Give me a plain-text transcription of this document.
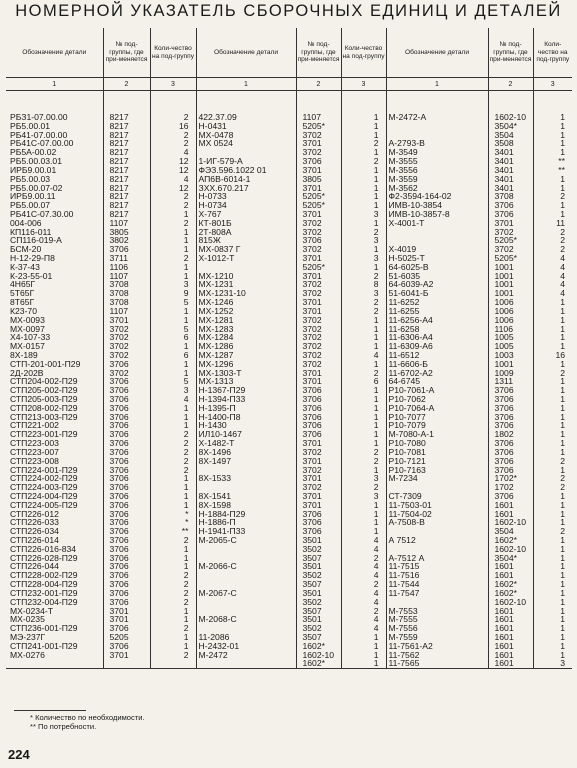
НОМЕРНОЙ УКАЗАТЕЛЬ СБОРОЧНЫХ ЕДИНИЦ И ДЕТАЛЕЙ
Обозначение детали	№ под-группы, где при-меняется	Коли-чество на под-группу	Обозначение детали	№ под-группы, где при-меняется	Коли-чество на под-группу	Обозначение детали	№ под-группы, где при-меняется	Коли-чество на под-группу
1	2	3	1	2	3	1	2	3

РБЗ1-07.00.00	8217	2	422.37.09	1107	1	М-2472-А	1602-10	1
РБ5.00.01	8217	16	Н-0431	5205*	1		3504*	1
РБ41-07.00.00	8217	2	МХ-0478	3702	1		3504	1
РБ41С-07.00.00	8217	2	МХ 0524	3701	2	А-2793-В	3508	1
РБ5А-00.02	8217	4		3702	1	М-3549	3401	1
РБ5.00.03.01	8217	12	1-ИГ-579-А	3706	2	М-3555	3401	**
ИРБ9.00.01	8217	12	ФЭЗ.596.1022 01	3701	1	М-3556	3401	**
РБ5.00.03	8217	4	АП6В-6014-1	3805	1	М-3559	3401	1
РБ5.00.07-02	8217	12	ЗХХ.670.217	3701	1	М-3562	3401	1
ИРБ9.00.11	8217	2	Н-0733	5205*	1	Ф2-3594-164-02	3708	2
РБ5.00.07	8217	2	Н-0734	5205*	1	ИМВ-10-3854	3706	1
РБ41С-07.30.00	8217	1	Х-767	3701	3	ИМВ-10-3857-8	3706	1
004-006	1107	2	КТ-801Б	3702	1	Х-4001-Т	3701	11
КП116-011	3805	1	2Т-808А	3702	2		3702	2
СП116-019-А	3802	1	815Ж	3706	3		5205*	2
БСМ-20	3706	1	МХ-0837 Г	3702	1	Х-4019	3702	2
Н-12-29-П8	3711	2	Х-1012-Т	3701	3	Н-5025-Т	5205*	4
К-37-43	1106	1		5205*	1	64-6025-В	1001	4
К-23-55-01	1107	1	МХ-1210	3701	2	51-6035	1001	4
4Н65Г	3708	3	МХ-1231	3702	8	64-6039-А2	1001	4
5Т65Г	3708	9	МХ-1231-10	3702	3	51-6041-Б	1001	4
8Т65Г	3708	5	МХ-1246	3701	2	11-6252	1006	1
К23-70	1107	1	МХ-1252	3701	2	11-6255	1006	1
МХ-0093	3701	1	МХ-1281	3702	1	11-6256-А4	1006	1
МХ-0097	3702	5	МХ-1283	3702	1	11-6258	1106	1
Х4-107-33	3702	6	МХ-1284	3702	1	11-6306-А4	1005	1
МХ-0157	3702	1	МХ-1286	3702	1	11-6309-А6	1005	1
8Х-189	3702	6	МХ-1287	3702	4	11-6512	1003	16
СТП-201-001-П29	3706	1	МХ-1296	3702	1	11-6606-Б	1001	1
2Д-202В	3702	1	МХ-1303-Т	3701	2	11-6702-А2	1009	2
СТП204-002-П29	3706	5	МХ-1313	3701	6	64-6745	1311	1
СТП205-002-П29	3706	3	Н-1367-П29	3706	1	Р10-7061-А	3706	1
СТП205-003-П29	3706	4	Н-1394-П33	3706	1	Р10-7062	3706	1
СТП208-002-П29	3706	1	Н-1395-П	3706	1	Р10-7064-А	3706	1
СТП213-003-П29	3706	1	Н-1400-П8	3706	1	Р10-7077	3706	1
СТП221-002	3706	1	Н-1430	3706	1	Р10-7079	3706	1
СТП223-001-П29	3706	2	ИЛ10-1467	3706	1	М-7080-А-1	1802	1
СТП223-003	3706	2	Х-1482-Т	3701	1	Р10-7080	3706	1
СТП223-007	3706	2	8Х-1496	3702	2	Р10-7081	3706	1
СТП223-008	3706	2	8Х-1497	3701	2	Р10-7121	3706	2
СТП224-001-П29	3706	2		3702	1	Р10-7163	3706	1
СТП224-002-П29	3706	1	8Х-1533	3701	3	М-7234	1702*	2
СТП224-003-П29	3706	1		3702	2		1702	2
СТП224-004-П29	3706	1	8Х-1541	3701	3	СТ-7309	3706	1
СТП224-005-П29	3706	1	8Х-1598	3701	1	11-7503-01	1601	1
СТП226-012	3706	*	Н-1884-П29	3706	1	11-7504-02	1601	1
СТП226-033	3706	*	Н-1886-П	3706	1	А-7508-В	1602-10	1
СТП226-034	3706	**	Н-1941-П33	3706	1		3504	2
СТП226-014	3706	2	М-2065-С	3501	4	А 7512	1602*	1
СТП226-016-834	3706	1		3502	4		1602-10	1
СТП226-028-П29	3706	1		3507	2	А-7512 А	3504*	1
СТП226-044	3706	1	М-2066-С	3501	4	11-7515	1601	1
СТП228-002-П29	3706	2		3502	4	11-7516	1601	1
СТП228-004-П29	3706	2		3507	2	11-7544	1602*	1
СТП232-001-П29	3706	2	М-2067-С	3501	4	11-7547	1602*	1
СТП232-004-П29	3706	2		3502	4		1602-10	1
МХ-0234-Т	3701	1		3507	2	М-7553	1601	1
МХ-0235	3701	1	М-2068-С	3501	4	М-7555	1601	1
СТП236-001-П29	3706	2		3502	4	М-7556	1601	1
МЭ-237Г	5205	1	11-2086	3507	1	М-7559	1601	1
СТП241-001-П29	3706	1	Н-2432-01	1602*	1	11-7561-А2	1601	1
МХ-0276	3701	2	М-2472	1602-10	1	11-7562	1601	1
				1602*	1	11-7565	1601	3
* Количество по необходимости.
** По потребности.
224
